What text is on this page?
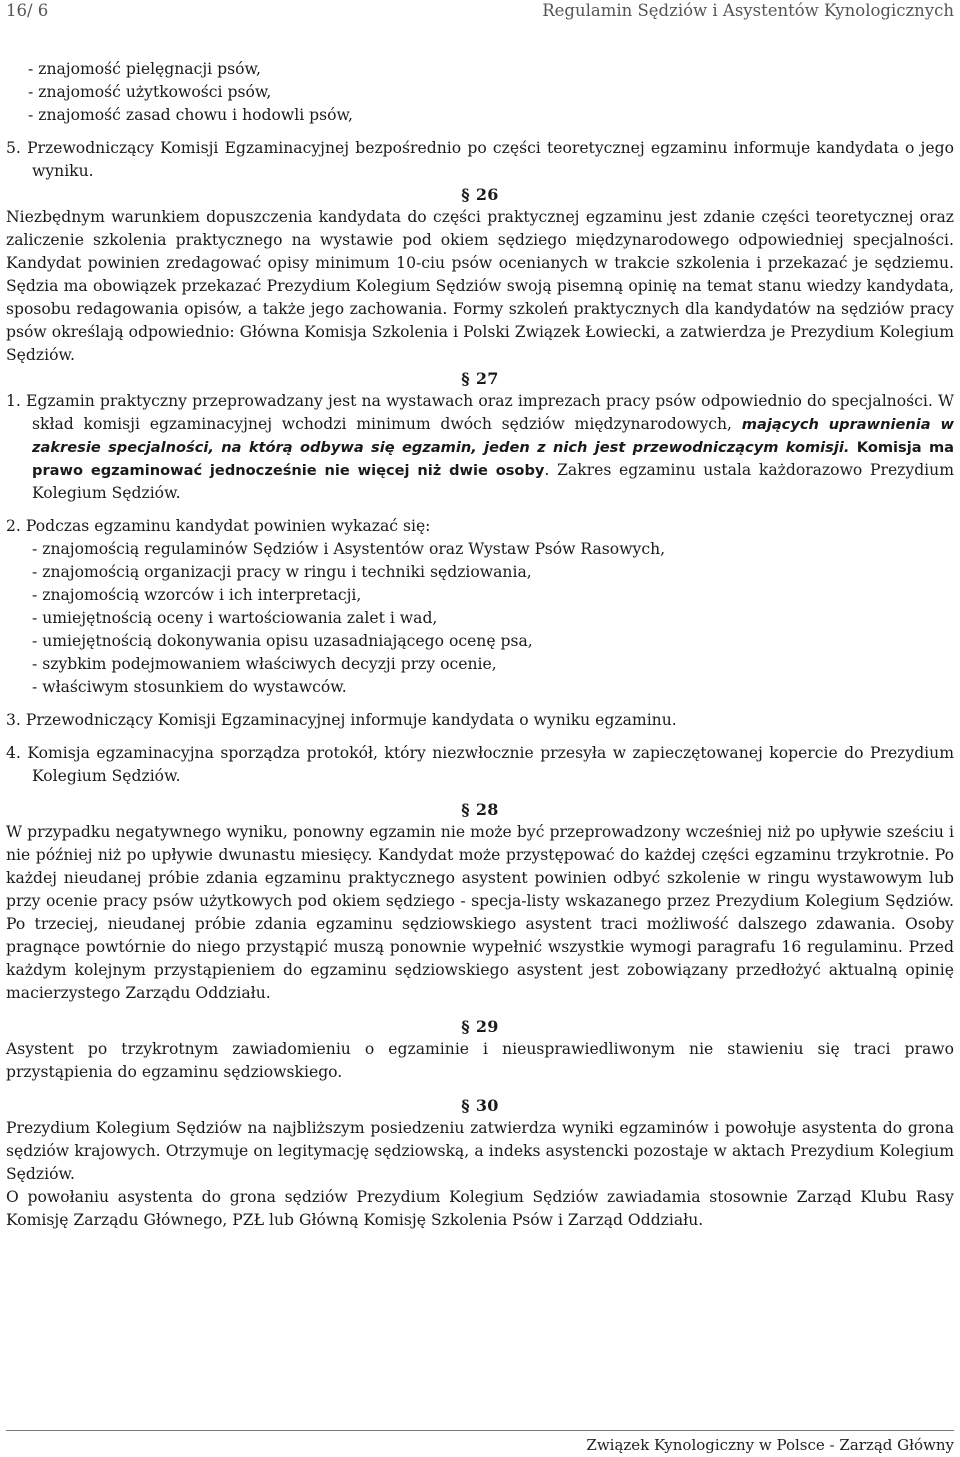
16/ 6	Regulamin Sędziów i Asystentów Kynologicznych

- znajomość pielęgnacji psów,

- znajomość użytkowości psów,

- znajomość zasad chowu i hodowli psów,

5. Przewodniczący Komisji Egzaminacyjnej bezpośrednio po części teoretycznej egzaminu informuje kandydata o jego wyniku.

§ 26

Niezbędnym warunkiem dopuszczenia kandydata do części praktycznej egzaminu jest zdanie części teoretycznej oraz zaliczenie szkolenia praktycznego na wystawie pod okiem sędziego międzynarodowego odpowiedniej specjalności. Kandydat powinien zredagować opisy minimum 10-ciu psów ocenianych w trakcie szkolenia i przekazać je sędziemu. Sędzia ma obowiązek przekazać Prezydium Kolegium Sędziów swoją pisemną opinię na temat stanu wiedzy kandydata, sposobu redagowania opisów, a także jego zachowania. Formy szkoleń praktycznych dla kandydatów na sędziów pracy psów określają odpowiednio: Główna Komisja Szkolenia i Polski Związek Łowiecki, a zatwierdza je Prezydium Kolegium Sędziów.

§ 27

1. Egzamin praktyczny przeprowadzany jest na wystawach oraz imprezach pracy psów odpowiednio do specjalności. W skład komisji egzaminacyjnej wchodzi minimum dwóch sędziów międzynarodowych, mających uprawnienia w zakresie specjalności, na którą odbywa się egzamin, jeden z nich jest przewodniczącym komisji. Komisja ma prawo egzaminować jednocześnie nie więcej niż dwie osoby. Zakres egzaminu ustala każdorazowo Prezydium Kolegium Sędziów.

2. Podczas egzaminu kandydat powinien wykazać się:

- znajomością regulaminów Sędziów i Asystentów oraz Wystaw Psów Rasowych,

- znajomością organizacji pracy w ringu i techniki sędziowania,

- znajomością wzorców i ich interpretacji,

- umiejętnością oceny i wartościowania zalet i wad,

- umiejętnością dokonywania opisu uzasadniającego ocenę psa,

- szybkim podejmowaniem właściwych decyzji przy ocenie,

- właściwym stosunkiem do wystawców.

3. Przewodniczący Komisji Egzaminacyjnej informuje kandydata o wyniku egzaminu.

4. Komisja egzaminacyjna sporządza protokół, który niezwłocznie przesyła w zapieczętowanej kopercie do Prezydium Kolegium Sędziów.

§ 28

W przypadku negatywnego wyniku, ponowny egzamin nie może być przeprowadzony wcześniej niż po upływie sześciu i nie później niż po upływie dwunastu miesięcy. Kandydat może przystępować do każdej części egzaminu trzykrotnie. Po każdej nieudanej próbie zdania egzaminu praktycznego asystent powinien odbyć szkolenie w ringu wystawowym lub przy ocenie pracy psów użytkowych pod okiem sędziego - specja-listy wskazanego przez Prezydium Kolegium Sędziów. Po trzeciej, nieudanej próbie zdania egzaminu sędziowskiego asystent traci możliwość dalszego zdawania. Osoby pragnące powtórnie do niego przystąpić muszą ponownie wypełnić wszystkie wymogi paragrafu 16 regulaminu. Przed każdym kolejnym przystąpieniem do egzaminu sędziowskiego asystent jest zobowiązany przedłożyć aktualną opinię macierzystego Zarządu Oddziału.

§ 29

Asystent po trzykrotnym zawiadomieniu o egzaminie i nieusprawiedliwonym nie stawieniu się traci prawo przystąpienia do egzaminu sędziowskiego.

§ 30

Prezydium Kolegium Sędziów na najbliższym posiedzeniu zatwierdza wyniki egzaminów i powołuje asystenta do grona sędziów krajowych. Otrzymuje on legitymację sędziowską, a indeks asystencki pozostaje w aktach Prezydium Kolegium Sędziów.

O powołaniu asystenta do grona sędziów Prezydium Kolegium Sędziów zawiadamia stosownie Zarząd Klubu Rasy Komisję Zarządu Głównego, PZŁ lub Główną Komisję Szkolenia Psów i Zarząd Oddziału.

Związek Kynologiczny w Polsce - Zarząd Główny
